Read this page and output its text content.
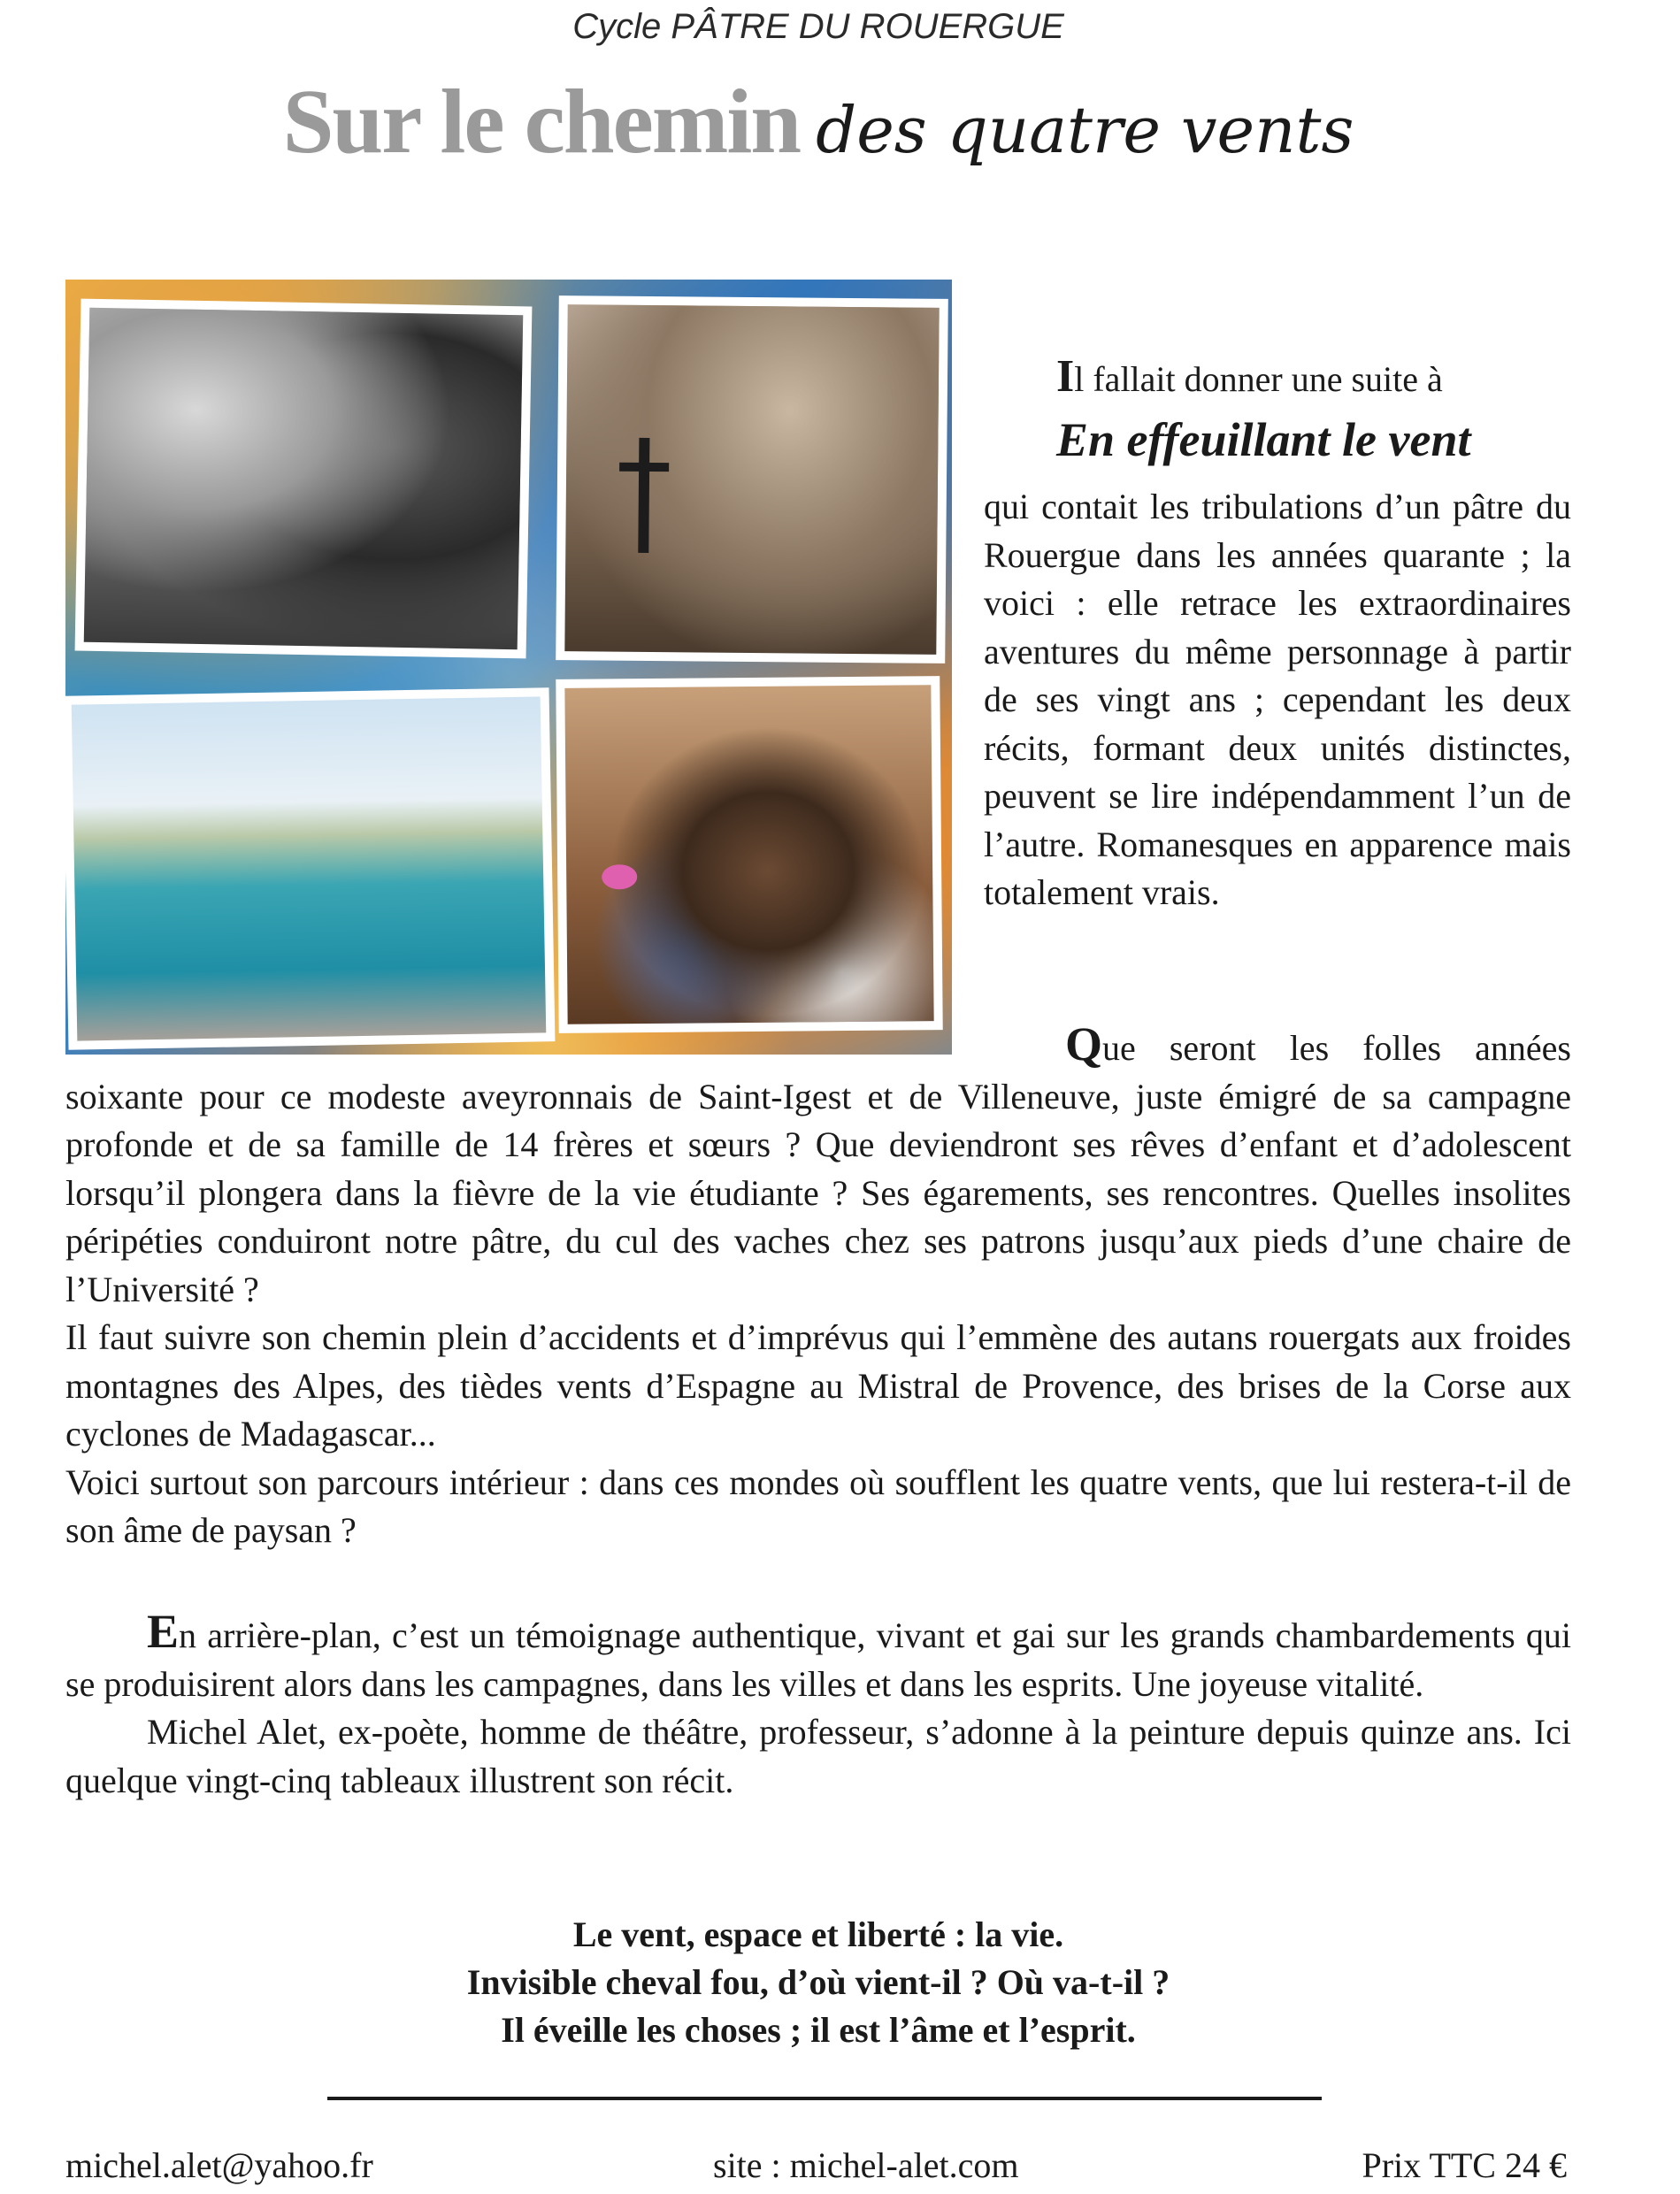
Cycle PÂTRE DU ROUERGUE
Sur le chemin des quatre vents
Il fallait donner une suite à
En effeuillant le vent

qui contait les tribulations d’un pâtre du Rouergue dans les années quarante ; la voici : elle retrace les extraordinaires aventures du même personnage à partir de ses vingt ans ; cependant les deux récits, formant deux unités distinctes, peuvent se lire indépendamment l’un de l’autre. Romanesques en apparence mais totalement vrais.

Que seront les folles années soixante pour ce modeste aveyronnais de Saint-Igest et de Villeneuve, juste émigré de sa campagne profonde et de sa famille de 14 frères et sœurs ? Que deviendront ses rêves d’enfant et d’adolescent lorsqu’il plongera dans la fièvre de la vie étudiante ? Ses égarements, ses rencontres. Quelles insolites péripéties conduiront notre pâtre, du cul des vaches chez ses patrons jusqu’aux pieds d’une chaire de l’Université ?

Il faut suivre son chemin plein d’accidents et d’imprévus qui l’emmène des autans rouergats aux froides montagnes des Alpes, des tièdes vents d’Espagne au Mistral de Provence, des brises de la Corse aux cyclones de Madagascar...

Voici surtout son parcours intérieur : dans ces mondes où soufflent les quatre vents, que lui restera-t-il de son âme de paysan ?

En arrière-plan, c’est un témoignage authentique, vivant et gai sur les grands chambardements qui se produisirent alors dans les campagnes, dans les villes et dans les esprits. Une joyeuse vitalité.

Michel Alet, ex-poète, homme de théâtre, professeur, s’adonne à la peinture depuis quinze ans. Ici quelque vingt-cinq tableaux illustrent son récit.

Le vent, espace et liberté : la vie.
Invisible cheval fou, d’où vient-il ? Où va-t-il ?
Il éveille les choses ; il est l’âme et l’esprit.
michel.alet@yahoo.fr	site : michel-alet.com	Prix TTC 24 €
